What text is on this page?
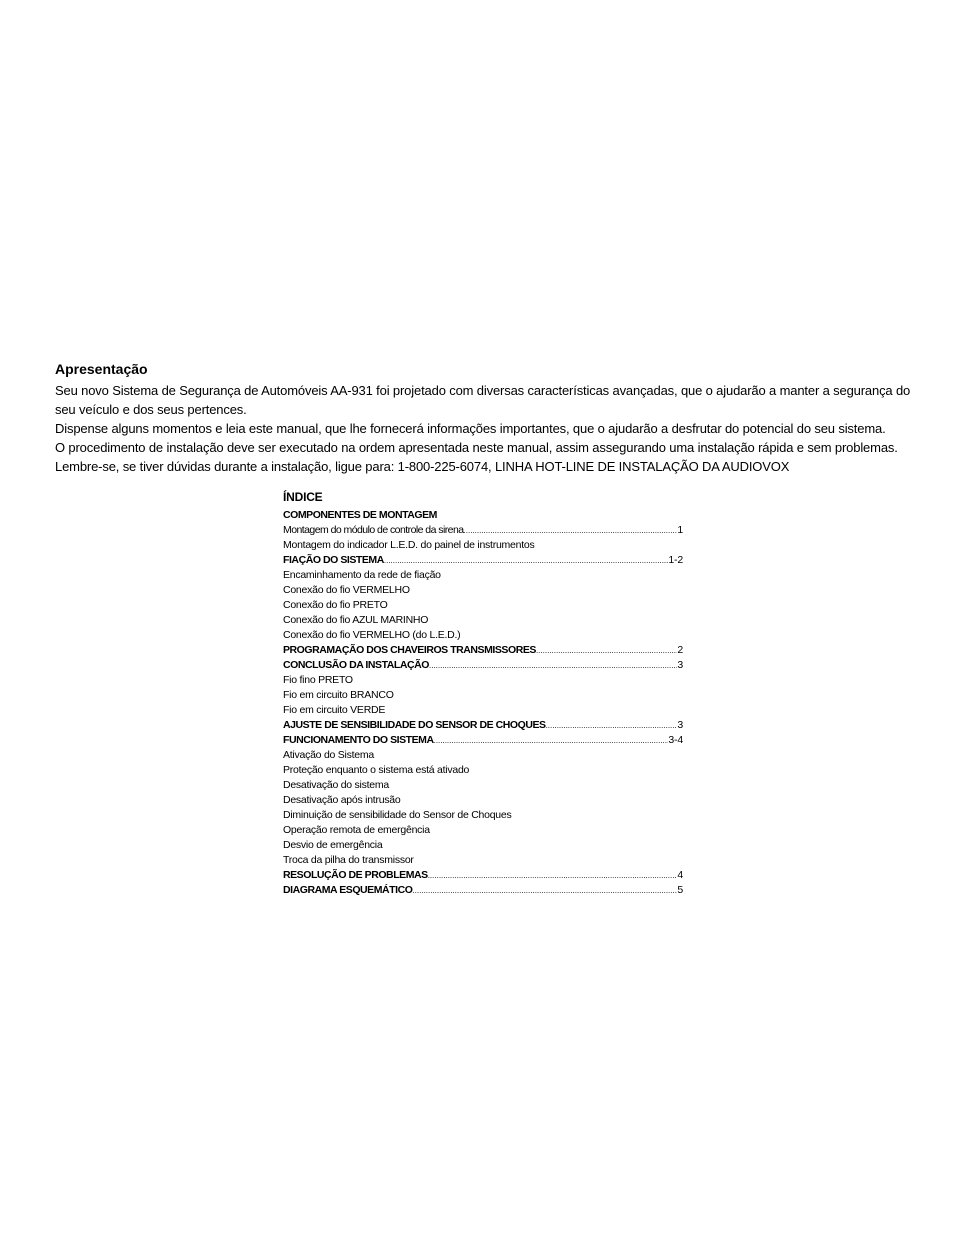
Apresentação

Seu novo Sistema de Segurança de Automóveis AA-931 foi projetado com diversas características avançadas, que o ajudarão a manter a segurança do seu veículo e dos seus pertences.

Dispense alguns momentos e leia este manual, que lhe fornecerá informações importantes, que o ajudarão a desfrutar do potencial do seu sistema.

O procedimento de instalação deve ser executado na ordem apresentada neste manual, assim assegurando uma instalação rápida e sem problemas.

Lembre-se, se tiver dúvidas durante a instalação, ligue para: 1-800-225-6074, LINHA HOT-LINE DE INSTALAÇÃO DA AUDIOVOX

ÍNDICE
COMPONENTES DE MONTAGEM
Montagem do módulo de controle da sirena .....	1
Montagem do indicador L.E.D. do painel de instrumentos
FIAÇÃO DO SISTEMA .....	1-2
Encaminhamento da rede de fiação
Conexão do fio VERMELHO
Conexão do fio PRETO
Conexão do fio AZUL MARINHO
Conexão do fio VERMELHO (do L.E.D.)
PROGRAMAÇÃO DOS CHAVEIROS TRANSMISSORES .....	2
CONCLUSÃO DA INSTALAÇÃO .....	3
Fio fino PRETO
Fio em circuito BRANCO
Fio em circuito VERDE
AJUSTE DE SENSIBILIDADE DO SENSOR DE CHOQUES .....	3
FUNCIONAMENTO DO SISTEMA .....	3-4
Ativação do Sistema
Proteção enquanto o sistema está ativado
Desativação do sistema
Desativação após intrusão
Diminuição de sensibilidade do Sensor de Choques
Operação remota de emergência
Desvio de emergência
Troca da pilha do transmissor
RESOLUÇÃO DE PROBLEMAS .....	4
DIAGRAMA ESQUEMÁTICO .....	5
